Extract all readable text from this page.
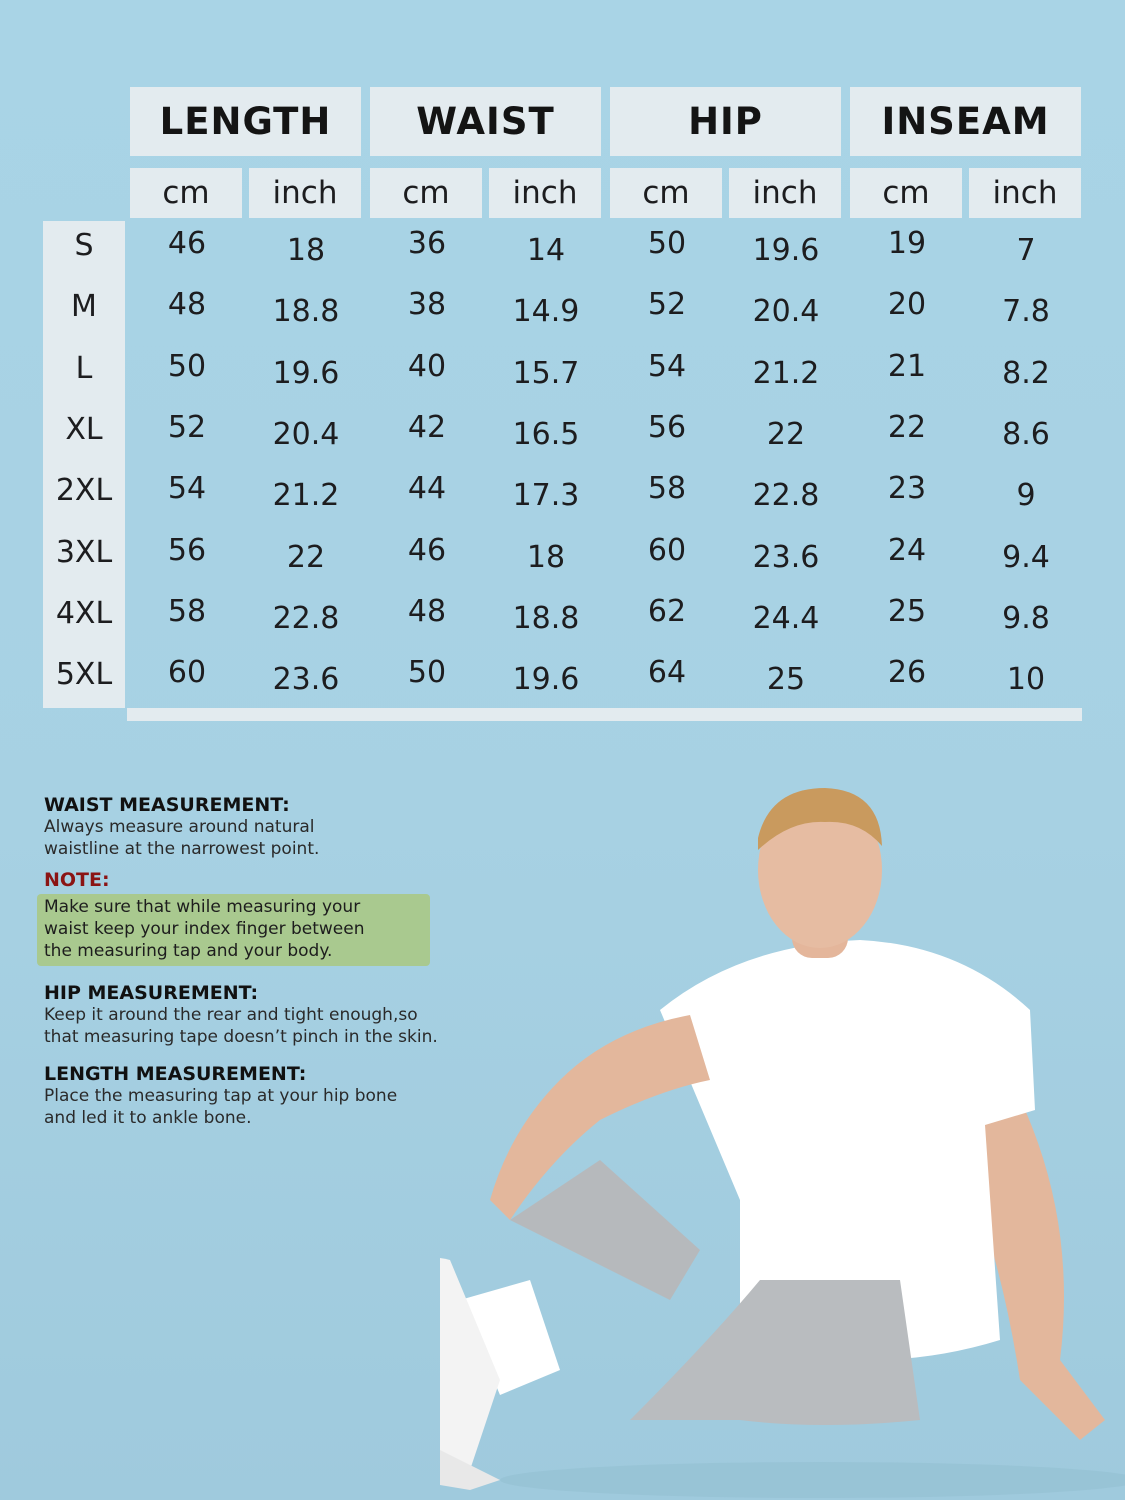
LENGTH	WAIST	HIP	INSEAM
cm	inch	cm	inch	cm	inch	cm	inch
S	46	18	36	14	50	19.6	19	7
M	48	18.8	38	14.9	52	20.4	20	7.8
L	50	19.6	40	15.7	54	21.2	21	8.2
XL	52	20.4	42	16.5	56	22	22	8.6
2XL	54	21.2	44	17.3	58	22.8	23	9
3XL	56	22	46	18	60	23.6	24	9.4
4XL	58	22.8	48	18.8	62	24.4	25	9.8
5XL	60	23.6	50	19.6	64	25	26	10
WAIST MEASUREMENT:
Always measure around natural
waistline at the narrowest point.
NOTE:
Make sure that while measuring your
waist keep your index finger between
the measuring tap and your body.
HIP MEASUREMENT:
Keep it around the rear and tight enough,so
that measuring tape doesn’t pinch in the skin.
LENGTH MEASUREMENT:
Place the measuring tap at your hip bone
and led it to ankle bone.
